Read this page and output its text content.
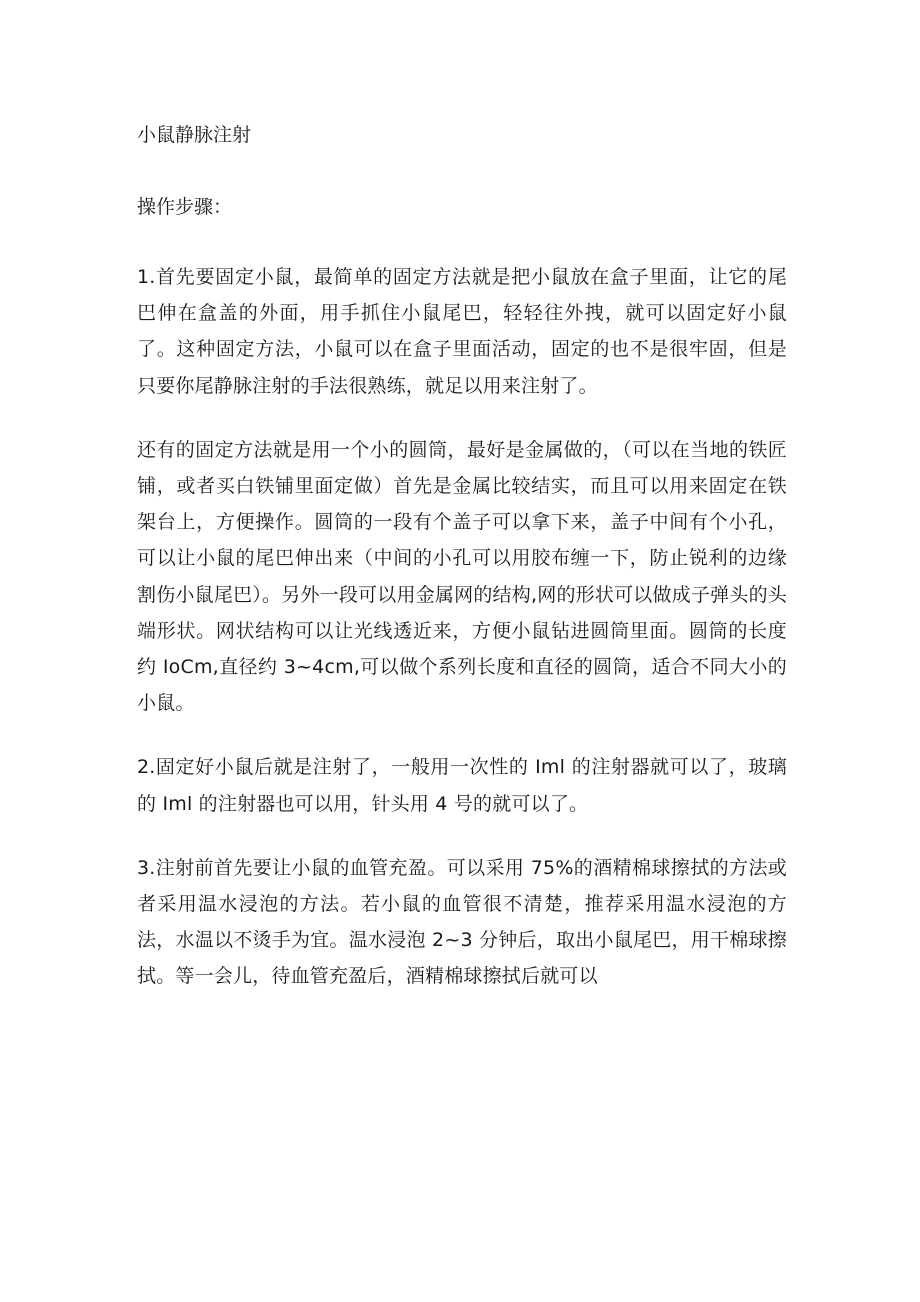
小鼠静脉注射
操作步骤：

1.首先要固定小鼠，最简单的固定方法就是把小鼠放在盒子里面，让它的尾巴伸在盒盖的外面，用手抓住小鼠尾巴，轻轻往外拽，就可以固定好小鼠了。这种固定方法，小鼠可以在盒子里面活动，固定的也不是很牢固，但是只要你尾静脉注射的手法很熟练，就足以用来注射了。

还有的固定方法就是用一个小的圆筒，最好是金属做的，（可以在当地的铁匠铺，或者买白铁铺里面定做）首先是金属比较结实，而且可以用来固定在铁架台上，方便操作。圆筒的一段有个盖子可以拿下来，盖子中间有个小孔，可以让小鼠的尾巴伸出来（中间的小孔可以用胶布缠一下，防止锐利的边缘割伤小鼠尾巴）。另外一段可以用金属网的结构,网的形状可以做成子弹头的头端形状。网状结构可以让光线透近来，方便小鼠钻进圆筒里面。圆筒的长度约 IoCm,直径约 3~4cm,可以做个系列长度和直径的圆筒，适合不同大小的小鼠。

2.固定好小鼠后就是注射了，一般用一次性的 Iml 的注射器就可以了，玻璃的 Iml 的注射器也可以用，针头用 4 号的就可以了。

3.注射前首先要让小鼠的血管充盈。可以采用 75%的酒精棉球擦拭的方法或者采用温水浸泡的方法。若小鼠的血管很不清楚，推荐采用温水浸泡的方法，水温以不烫手为宜。温水浸泡 2~3 分钟后，取出小鼠尾巴，用干棉球擦拭。等一会儿，待血管充盈后，酒精棉球擦拭后就可以
